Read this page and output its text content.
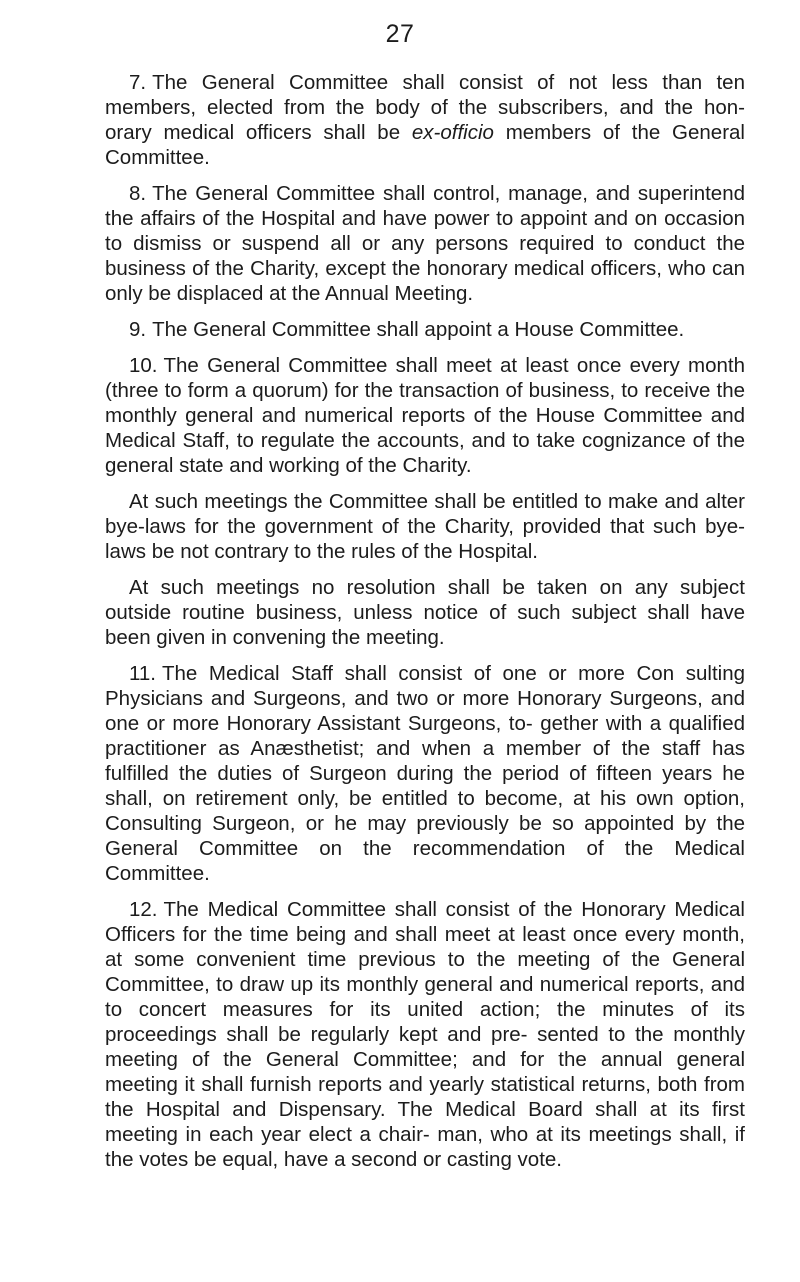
27

7. The General Committee shall consist of not less than ten members, elected from the body of the subscribers, and the hon- orary medical officers shall be ex-officio members of the General Committee.

8. The General Committee shall control, manage, and superintend the affairs of the Hospital and have power to appoint and on occasion to dismiss or suspend all or any persons required to conduct the business of the Charity, except the honorary medical officers, who can only be displaced at the Annual Meeting.

9. The General Committee shall appoint a House Committee.

10. The General Committee shall meet at least once every month (three to form a quorum) for the transaction of business, to receive the monthly general and numerical reports of the House Committee and Medical Staff, to regulate the accounts, and to take cognizance of the general state and working of the Charity.

At such meetings the Committee shall be entitled to make and alter bye-laws for the government of the Charity, provided that such bye-laws be not contrary to the rules of the Hospital.

At such meetings no resolution shall be taken on any subject outside routine business, unless notice of such subject shall have been given in convening the meeting.

11. The Medical Staff shall consist of one or more Con sulting Physicians and Surgeons, and two or more Honorary Surgeons, and one or more Honorary Assistant Surgeons, to- gether with a qualified practitioner as Anæsthetist; and when a member of the staff has fulfilled the duties of Surgeon during the period of fifteen years he shall, on retirement only, be entitled to become, at his own option, Consulting Surgeon, or he may previously be so appointed by the General Committee on the recommendation of the Medical Committee.

12. The Medical Committee shall consist of the Honorary Medical Officers for the time being and shall meet at least once every month, at some convenient time previous to the meeting of the General Committee, to draw up its monthly general and numerical reports, and to concert measures for its united action; the minutes of its proceedings shall be regularly kept and pre- sented to the monthly meeting of the General Committee; and for the annual general meeting it shall furnish reports and yearly statistical returns, both from the Hospital and Dispensary. The Medical Board shall at its first meeting in each year elect a chair- man, who at its meetings shall, if the votes be equal, have a second or casting vote.
